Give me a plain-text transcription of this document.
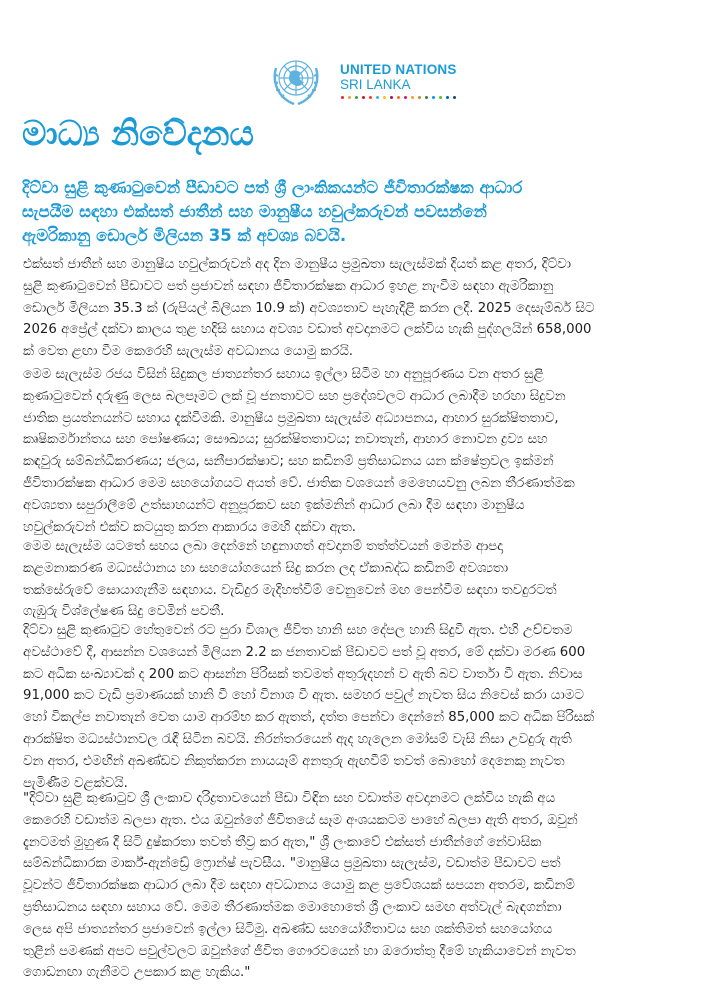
UNITED NATIONS
SRI LANKA
මාධ්‍ය නිවේදනය
දිට්වා සුළි කුණාටුවෙන් පීඩාවට පත් ශ්‍රී ලාංකිකයන්ට ජීවිතාරක්ෂක ආධාර
සැපයීම සඳහා එක්සත් ජාතීන් සහ මානුෂීය හවුල්කරුවන් පවසන්නේ
ඇමරිකානු ඩොලර් මිලියන 35 ක් අවශ්‍ය බවයි.
එක්සත් ජාතීන් සහ මානුෂීය හවුල්කරුවන් අද දින මානුෂීය ප්‍රමුඛතා සැලැස්මක් දියත් කළ අතර, දිට්වා
සුළි කුණාටුවෙන් පීඩාවට පත් ප්‍රජාවන් සඳහා ජීවිතාරක්ෂක ආධාර ඉහළ නැංවීම සඳහා ඇමරිකානු
ඩොලර් මිලියන 35.3 ක් (රුපියල් බිලියන 10.9 ක්) අවශ්‍යතාව පැහැදිළි කරන ලදී. 2025 දෙසැම්බර් සිට
2026 අප්‍රේල් දක්වා කාලය තුළ හදිසි සහාය අවශ්‍ය වඩාත් අවදානමට ලක්විය හැකි පුද්ගලයින් 658,000
ක් වෙත ළඟා වීම කෙරෙහි සැලැස්ම අවධානය යොමු කරයි.
මෙම සැලැස්ම රජය විසින් සිදුකල ජාත්‍යන්තර සහාය ඉල්ලා සිටීම හා අනුපූරණය වන අතර සුළි
කුණාටුවෙන් දරුණු ලෙස බලපෑමට ලක් වූ ජනතාවට සහ ප්‍රදේශවලට ආධාර ලබාදීම හරහා සිදුවන
ජාතික ප්‍රයත්නයන්ට සහාය දැක්වීමකි. මානුෂීය ප්‍රමුඛතා සැලැස්ම අධ්‍යාපනය, ආහාර සුරක්ෂිතතාව,
කෘෂිකර්මාන්තය සහ පෝෂණය; සෞඛ්‍යය; සුරක්ෂිතතාවය; නවාතැන්, ආහාර නොවන ද්‍රව්‍ය සහ
කඳවුරු සම්බන්ධීකරණය; ජලය, සනීපාරක්ෂාව; සහ කඩිනම් ප්‍රතිසාධනය යන ක්ෂේත්‍රවල ඉක්මන්
ජීවිතාරක්ෂක ආධාර මෙම සහයෝගයට අයත් වේ. ජාතික වශයෙන් මෙහෙයවනු ලබන තීරණාත්මක
අවශ්‍යතා සපුරාලීමේ උත්සාහයන්ට අනුපූරකව සහ ඉක්මනින් ආධාර ලබා දීම සඳහා මානුෂීය
හවුල්කරුවන් එක්ව කටයුතු කරන ආකාරය මෙහි දක්වා ඇත.
මෙම සැලැස්ම යටතේ සහය ලබා දෙන්නේ හඳුනාගත් අවදානම් තත්ත්වයන් මෙන්ම ආපදා
කළමනාකරණ මධ්‍යස්ථානය හා සහයෝගයෙන් සිදු කරන ලද ඒකාබද්ධ කඩිනම් අවශ්‍යතා
තක්සේරුවේ සොයාගැනීම සඳහාය. වැඩිදුර මැදිහත්වීම් වෙනුවෙන් මඟ පෙන්වීම සඳහා තවදුරටත්
ගැඹුරු විශ්ලේෂණ සිදු වෙමින් පවතී.
දිට්වා සුළි කුණාටුව හේතුවෙන් රට පුරා විශාල ජීවිත හානි සහ දේපල හානි සිදුවී ඇත. එහි උච්චතම
අවස්ථාවේ දී, ආසන්න වශයෙන් මිලියන 2.2 ක ජනතාවක් පීඩාවට පත් වූ අතර, මේ දක්වා මරණ 600
කට අධික සංඛ්‍යාවක් ද 200 කට ආසන්න පිරිසක් තවමත් අතුරුදහන් ව ඇති බව වාර්තා වී ඇත. නිවාස
91,000 කට වැඩි ප්‍රමාණයක් හානි වී හෝ විනාශ වී ඇත. සමහර පවුල් නැවත සිය නිවෙස් කරා යාමට
හෝ විකල්ප නවාතැන් වෙත යාම ආරම්භ කර ඇතත්, දත්ත පෙන්වා දෙන්නේ 85,000 කට අධික පිරිසක්
ආරක්ෂිත මධ්‍යස්ථානවල රැඳී සිටින බවයි. නිරන්තරයෙන් ඇද හැලෙන මෝසම් වැසි නිසා උවදුරු ඇති
වන අතර, එමඟින් අඛණ්ඩව නිකුත්කරන නායයෑම් අනතුරු ඇඟවීම් තවත් බොහෝ දෙනෙකු නැවත
පැමිණීම වළක්වයි.
"දිට්වා සුළි කුණාටුව ශ්‍රී ලංකාව දරිද්‍රතාවයෙන් පීඩා විඳින සහ වඩාත්ම අවදානමට ලක්විය හැකි අය
කෙරෙහි වඩාත්ම බලපා ඇත. එය ඔවුන්ගේ ජීවිතයේ සෑම අංශයකටම පාහේ බලපා ඇති අතර, ඔවුන්
දැනටමත් මුහුණ දී සිටි දුෂ්කරතා තවත් තීව්‍ර කර ඇත," ශ්‍රී ලංකාවේ එක්සත් ජාතීන්ගේ නේවාසික
සම්බන්ධීකාරක මාර්ක්-ඇන්ඩ්‍රේ ෆ්‍රොන්ෂ් පැවසීය. "මානුෂීය ප්‍රමුඛතා සැලැස්ම, වඩාත්ම පීඩාවට පත්
වූවන්ට ජීවිතාරක්ෂක ආධාර ලබා දීම සඳහා අවධානය යොමු කළ ප්‍රවේශයක් සපයන අතරම, කඩිනම්
ප්‍රතිසාධනය සඳහා සහාය වේ. මෙම තීරණාත්මක මොහොතේ ශ්‍රී ලංකාව සමඟ අත්වැල් බැඳගන්නා
ලෙස අපි ජාත්‍යන්තර ප්‍රජාවෙන් ඉල්ලා සිටිමු. අඛණ්ඩ සහයෝගීතාවය සහ ශක්තිමත් සහයෝගය
තුළින් පමණක් අපට පවුල්වලට ඔවුන්ගේ ජීවිත ගෞරවයෙන් හා ඔරොත්තු දීමේ හැකියාවෙන් නැවත
ගොඩනඟා ගැනීමට උපකාර කළ හැකිය."
